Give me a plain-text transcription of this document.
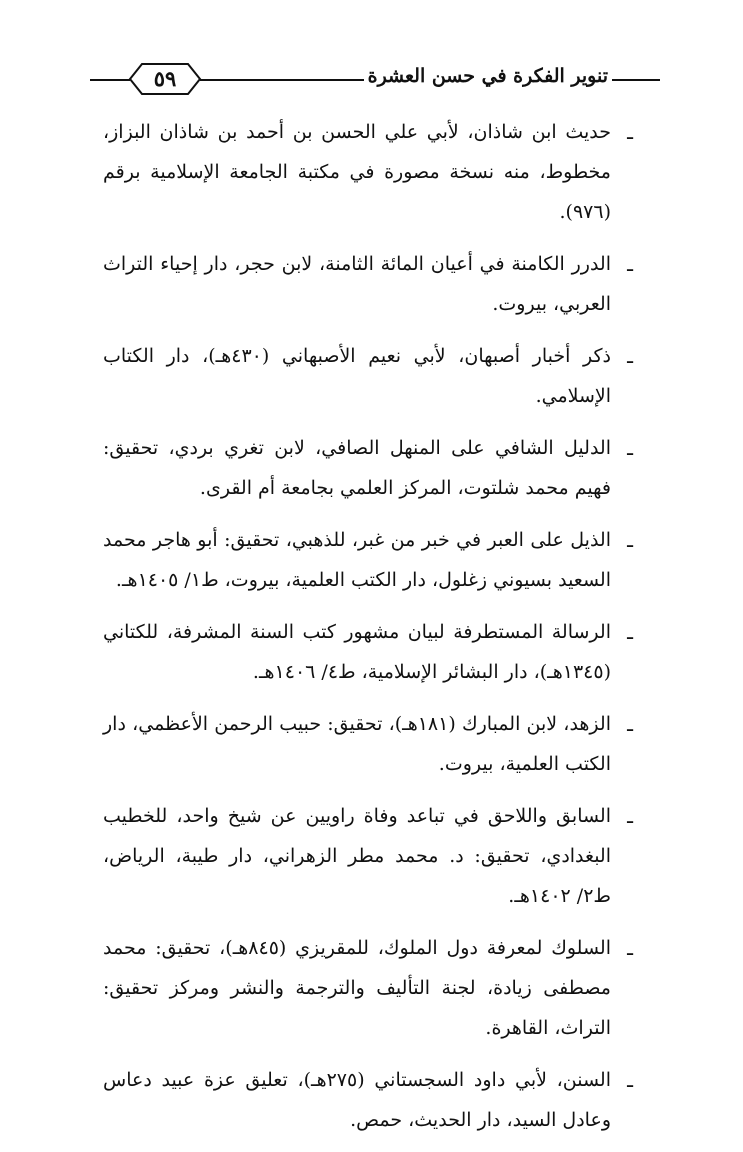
٥٩	تنوير الفكرة في حسن العشرة
ـ
حديث ابن شاذان، لأبي علي الحسن بن أحمد بن شاذان البزاز، مخطوط، منه نسخة مصورة في مكتبة الجامعة الإسلامية برقم (٩٧٦).
ـ
الدرر الكامنة في أعيان المائة الثامنة، لابن حجر، دار إحياء التراث العربي، بيروت.
ـ
ذكر أخبار أصبهان، لأبي نعيم الأصبهاني (٤٣٠هـ)، دار الكتاب الإسلامي.
ـ
الدليل الشافي على المنهل الصافي، لابن تغري بردي، تحقيق: فهيم محمد شلتوت، المركز العلمي بجامعة أم القرى.
ـ
الذيل على العبر في خبر من غبر، للذهبي، تحقيق: أبو هاجر محمد السعيد بسيوني زغلول، دار الكتب العلمية، بيروت، ط١/ ١٤٠٥هـ.
ـ
الرسالة المستطرفة لبيان مشهور كتب السنة المشرفة، للكتاني (١٣٤٥هـ)، دار البشائر الإسلامية، ط٤/ ١٤٠٦هـ.
ـ
الزهد، لابن المبارك (١٨١هـ)، تحقيق: حبيب الرحمن الأعظمي، دار الكتب العلمية، بيروت.
ـ
السابق واللاحق في تباعد وفاة راويين عن شيخ واحد، للخطيب البغدادي، تحقيق: د. محمد مطر الزهراني، دار طيبة، الرياض، ط٢/ ١٤٠٢هـ.
ـ
السلوك لمعرفة دول الملوك، للمقريزي (٨٤٥هـ)، تحقيق: محمد مصطفى زيادة، لجنة التأليف والترجمة والنشر ومركز تحقيق: التراث، القاهرة.
ـ
السنن، لأبي داود السجستاني (٢٧٥هـ)، تعليق عزة عبيد دعاس وعادل السيد، دار الحديث، حمص.
